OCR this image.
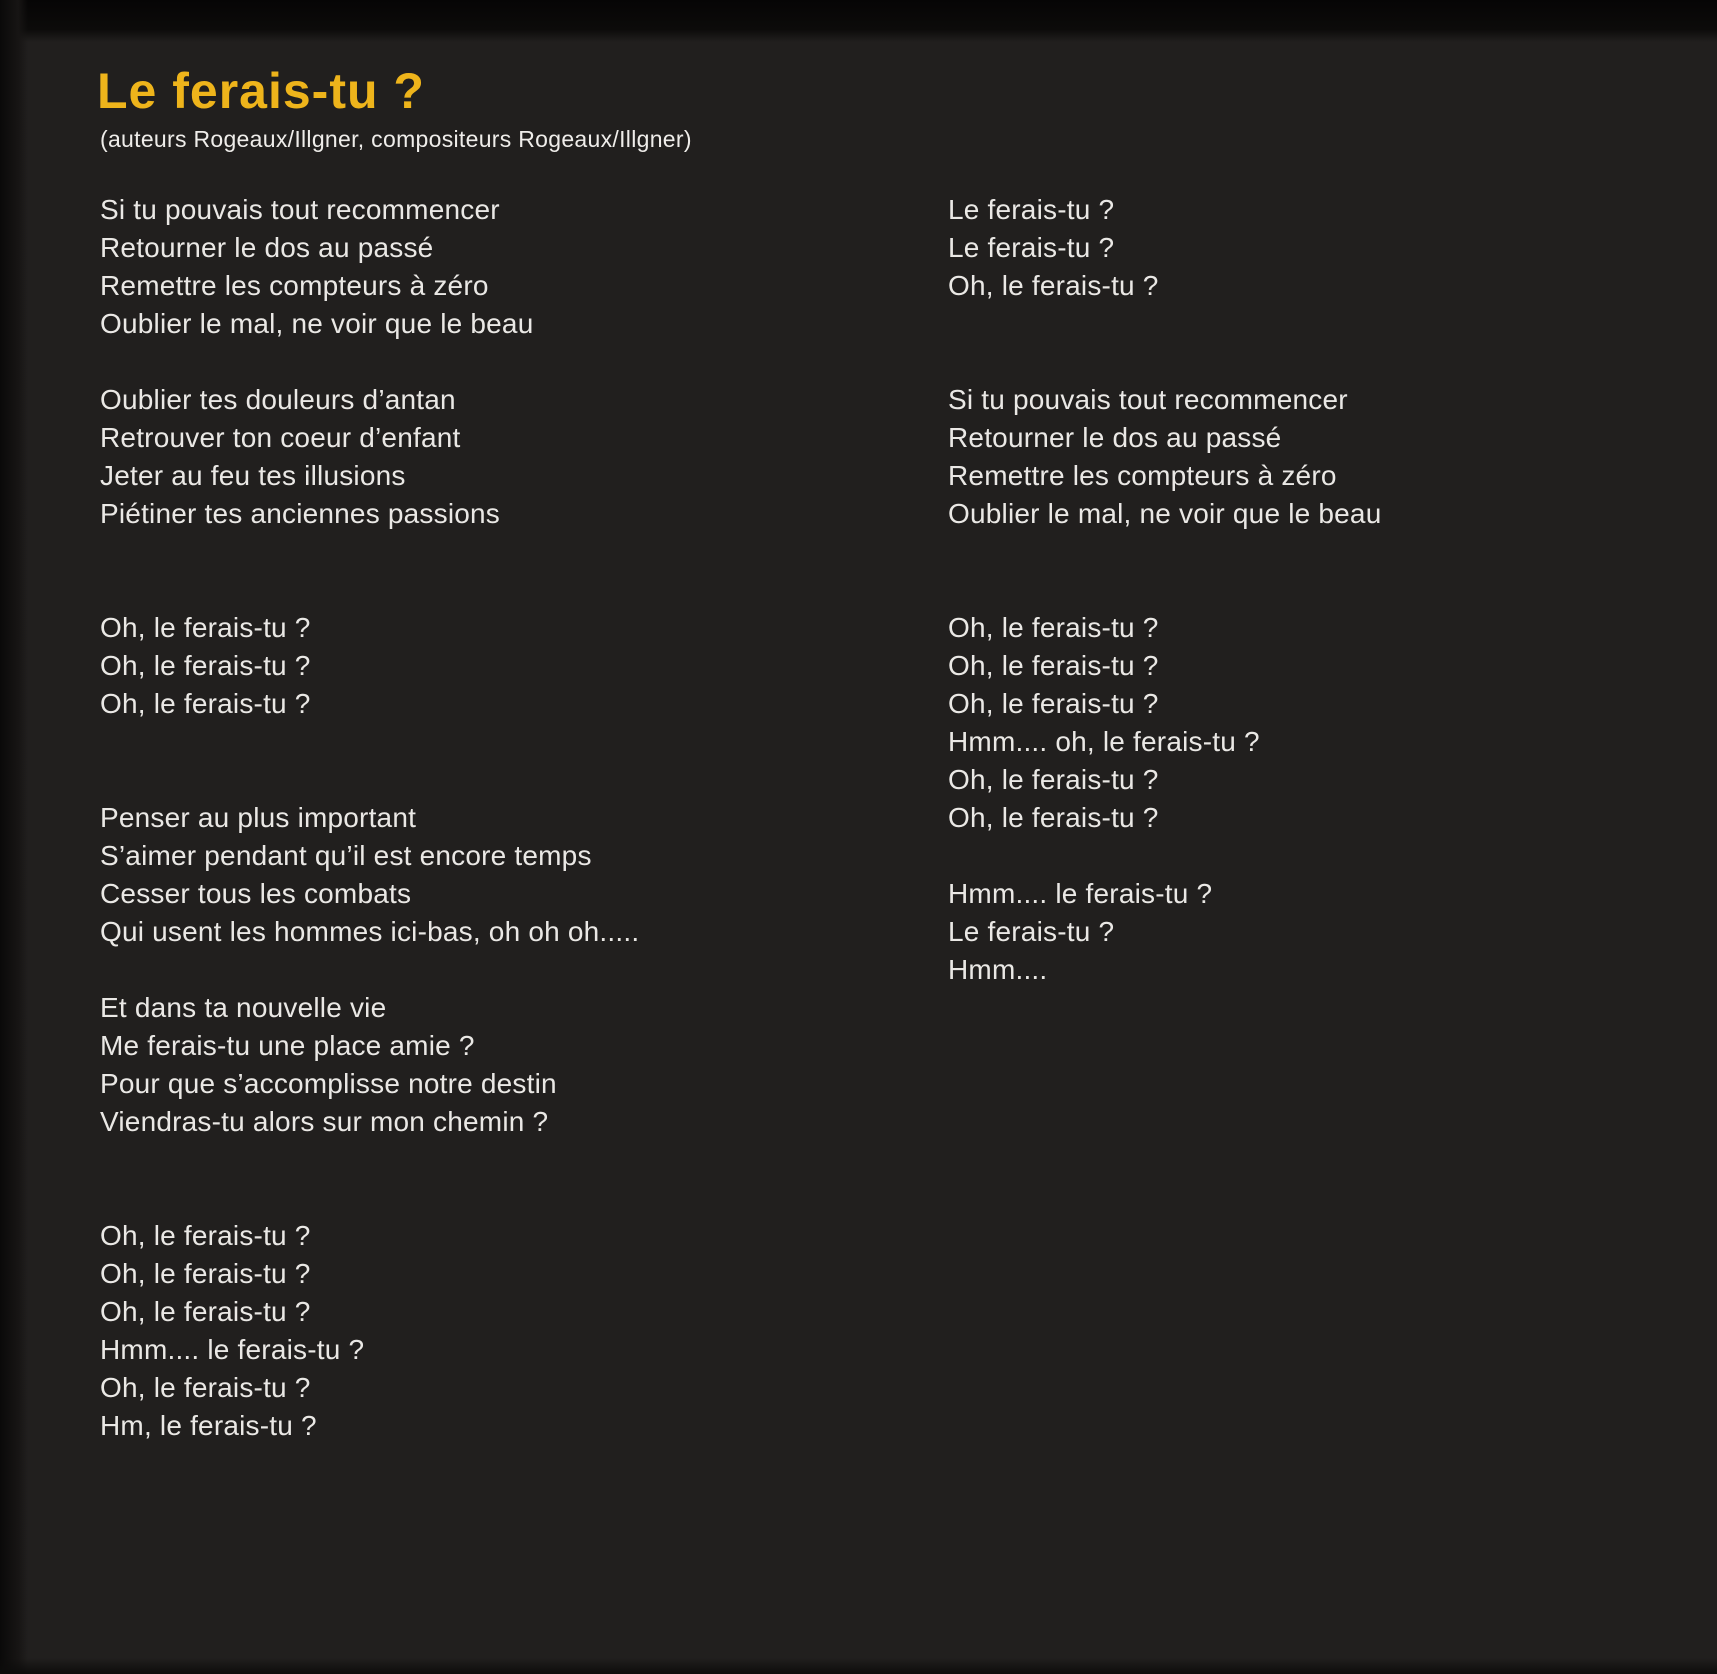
Le ferais-tu ?
(auteurs Rogeaux/Illgner, compositeurs Rogeaux/Illgner)
Si tu pouvais tout recommencer
Retourner le dos au passé
Remettre les compteurs à zéro
Oublier le mal, ne voir que le beau
Oublier tes douleurs d’antan
Retrouver ton coeur d’enfant
Jeter au feu tes illusions
Piétiner tes anciennes passions
Oh, le ferais-tu ?
Oh, le ferais-tu ?
Oh, le ferais-tu ?
Penser au plus important
S’aimer pendant qu’il est encore temps
Cesser tous les combats
Qui usent les hommes ici-bas, oh oh oh.....
Et dans ta nouvelle vie
Me ferais-tu une place amie ?
Pour que s’accomplisse notre destin
Viendras-tu alors sur mon chemin ?
Oh, le ferais-tu ?
Oh, le ferais-tu ?
Oh, le ferais-tu ?
Hmm.... le ferais-tu ?
Oh, le ferais-tu ?
Hm, le ferais-tu ?
Le ferais-tu ?
Le ferais-tu ?
Oh, le ferais-tu ?
Si tu pouvais tout recommencer
Retourner le dos au passé
Remettre les compteurs à zéro
Oublier le mal, ne voir que le beau
Oh, le ferais-tu ?
Oh, le ferais-tu ?
Oh, le ferais-tu ?
Hmm.... oh, le ferais-tu ?
Oh, le ferais-tu ?
Oh, le ferais-tu ?
Hmm.... le ferais-tu ?
Le ferais-tu ?
Hmm....
